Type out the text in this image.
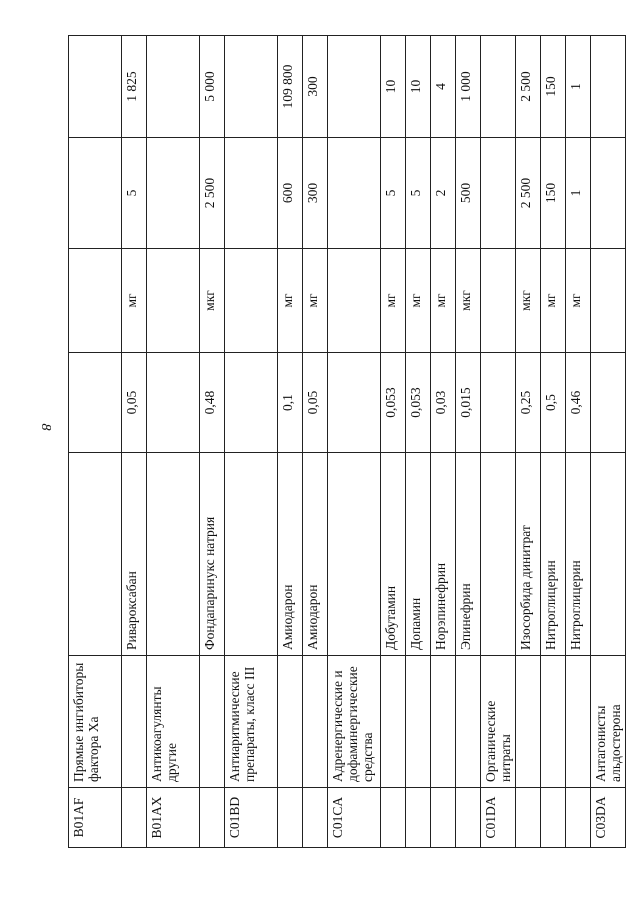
8
B01AF	Прямые ингибиторы фактора Ха					
		Ривароксабан	0,05	мг	5	1 825
B01AX	Антикоагулянты другие					
		Фондапаринукс натрия	0,48	мкг	2 500	5 000
C01BD	Антиаритмические препараты, класс III					
		Амиодарон	0,1	мг	600	109 800
		Амиодарон	0,05	мг	300	300
C01CA	Адренергические и дофаминергические средства					
		Добутамин	0,053	мг	5	10
		Допамин	0,053	мг	5	10
		Норэпинефрин	0,03	мг	2	4
		Эпинефрин	0,015	мкг	500	1 000
C01DA	Органические нитраты					
		Изосорбида динитрат	0,25	мкг	2 500	2 500
		Нитроглицерин	0,5	мг	150	150
		Нитроглицерин	0,46	мг	1	1
C03DA	Антагонисты альдостерона					
